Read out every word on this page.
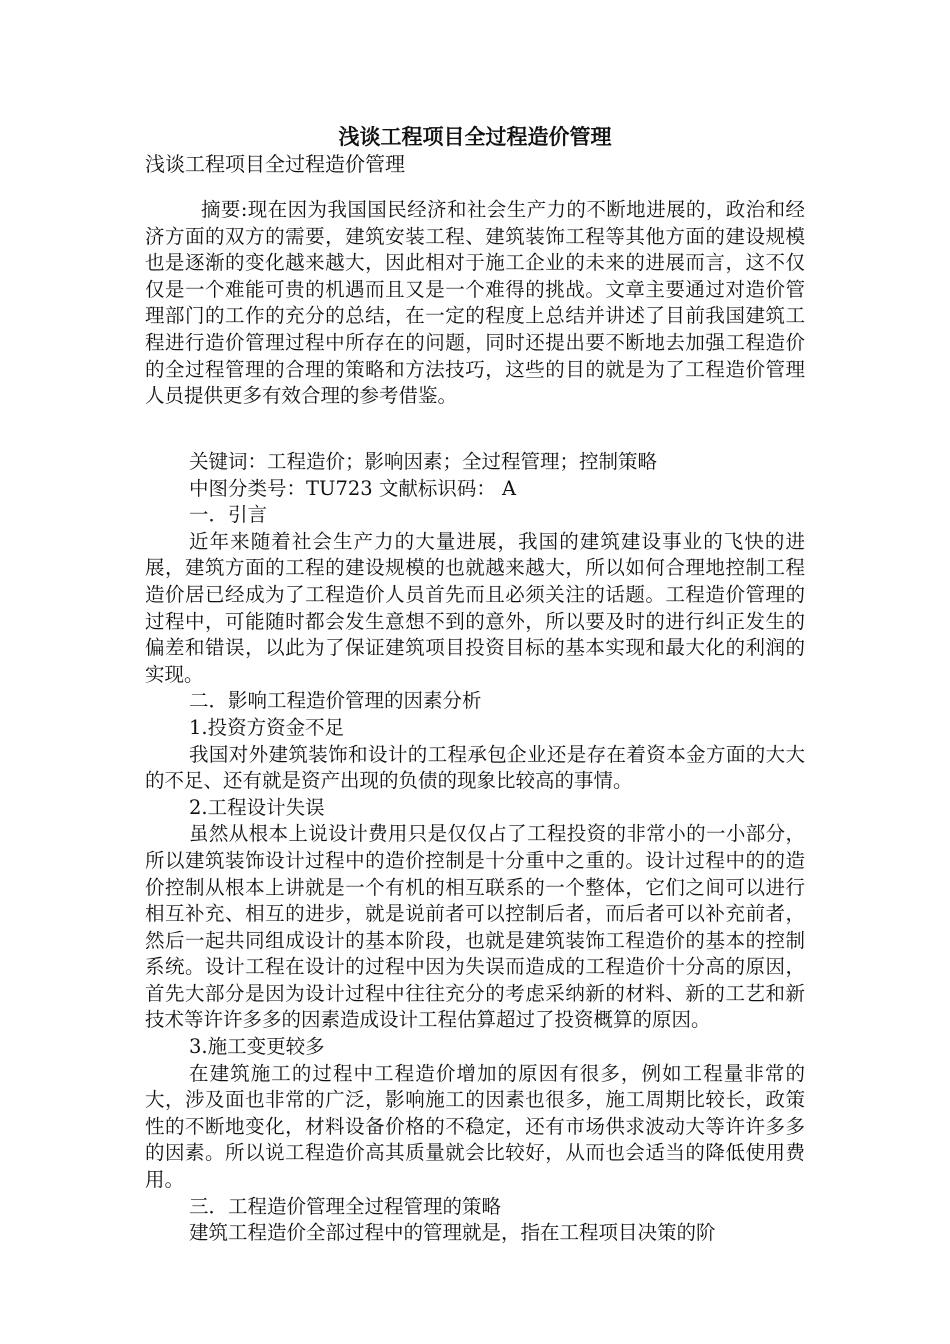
浅谈工程项目全过程造价管理

浅谈工程项目全过程造价管理

摘要:现在因为我国国民经济和社会生产力的不断地进展的，政治和经济方面的双方的需要，建筑安装工程、建筑装饰工程等其他方面的建设规模也是逐渐的变化越来越大，因此相对于施工企业的未来的进展而言，这不仅仅是一个难能可贵的机遇而且又是一个难得的挑战。文章主要通过对造价管理部门的工作的充分的总结，在一定的程度上总结并讲述了目前我国建筑工程进行造价管理过程中所存在的问题，同时还提出要不断地去加强工程造价的全过程管理的合理的策略和方法技巧，这些的目的就是为了工程造价管理人员提供更多有效合理的参考借鉴。

关键词：工程造价；影响因素；全过程管理；控制策略

中图分类号：TU723 文献标识码： A

一．引言

近年来随着社会生产力的大量进展，我国的建筑建设事业的飞快的进展，建筑方面的工程的建设规模的也就越来越大，所以如何合理地控制工程造价居已经成为了工程造价人员首先而且必须关注的话题。工程造价管理的过程中，可能随时都会发生意想不到的意外，所以要及时的进行纠正发生的偏差和错误，以此为了保证建筑项目投资目标的基本实现和最大化的利润的实现。

二．影响工程造价管理的因素分析

1.投资方资金不足

我国对外建筑装饰和设计的工程承包企业还是存在着资本金方面的大大的不足、还有就是资产出现的负债的现象比较高的事情。

2.工程设计失误

虽然从根本上说设计费用只是仅仅占了工程投资的非常小的一小部分，所以建筑装饰设计过程中的造价控制是十分重中之重的。设计过程中的的造价控制从根本上讲就是一个有机的相互联系的一个整体，它们之间可以进行相互补充、相互的进步，就是说前者可以控制后者，而后者可以补充前者，然后一起共同组成设计的基本阶段，也就是建筑装饰工程造价的基本的控制系统。设计工程在设计的过程中因为失误而造成的工程造价十分高的原因，首先大部分是因为设计过程中往往充分的考虑采纳新的材料、新的工艺和新技术等许许多多的因素造成设计工程估算超过了投资概算的原因。

3.施工变更较多

在建筑施工的过程中工程造价增加的原因有很多，例如工程量非常的大，涉及面也非常的广泛，影响施工的因素也很多，施工周期比较长，政策性的不断地变化，材料设备价格的不稳定，还有市场供求波动大等许许多多的因素。所以说工程造价高其质量就会比较好，从而也会适当的降低使用费用。

三．工程造价管理全过程管理的策略

建筑工程造价全部过程中的管理就是，指在工程项目决策的阶
